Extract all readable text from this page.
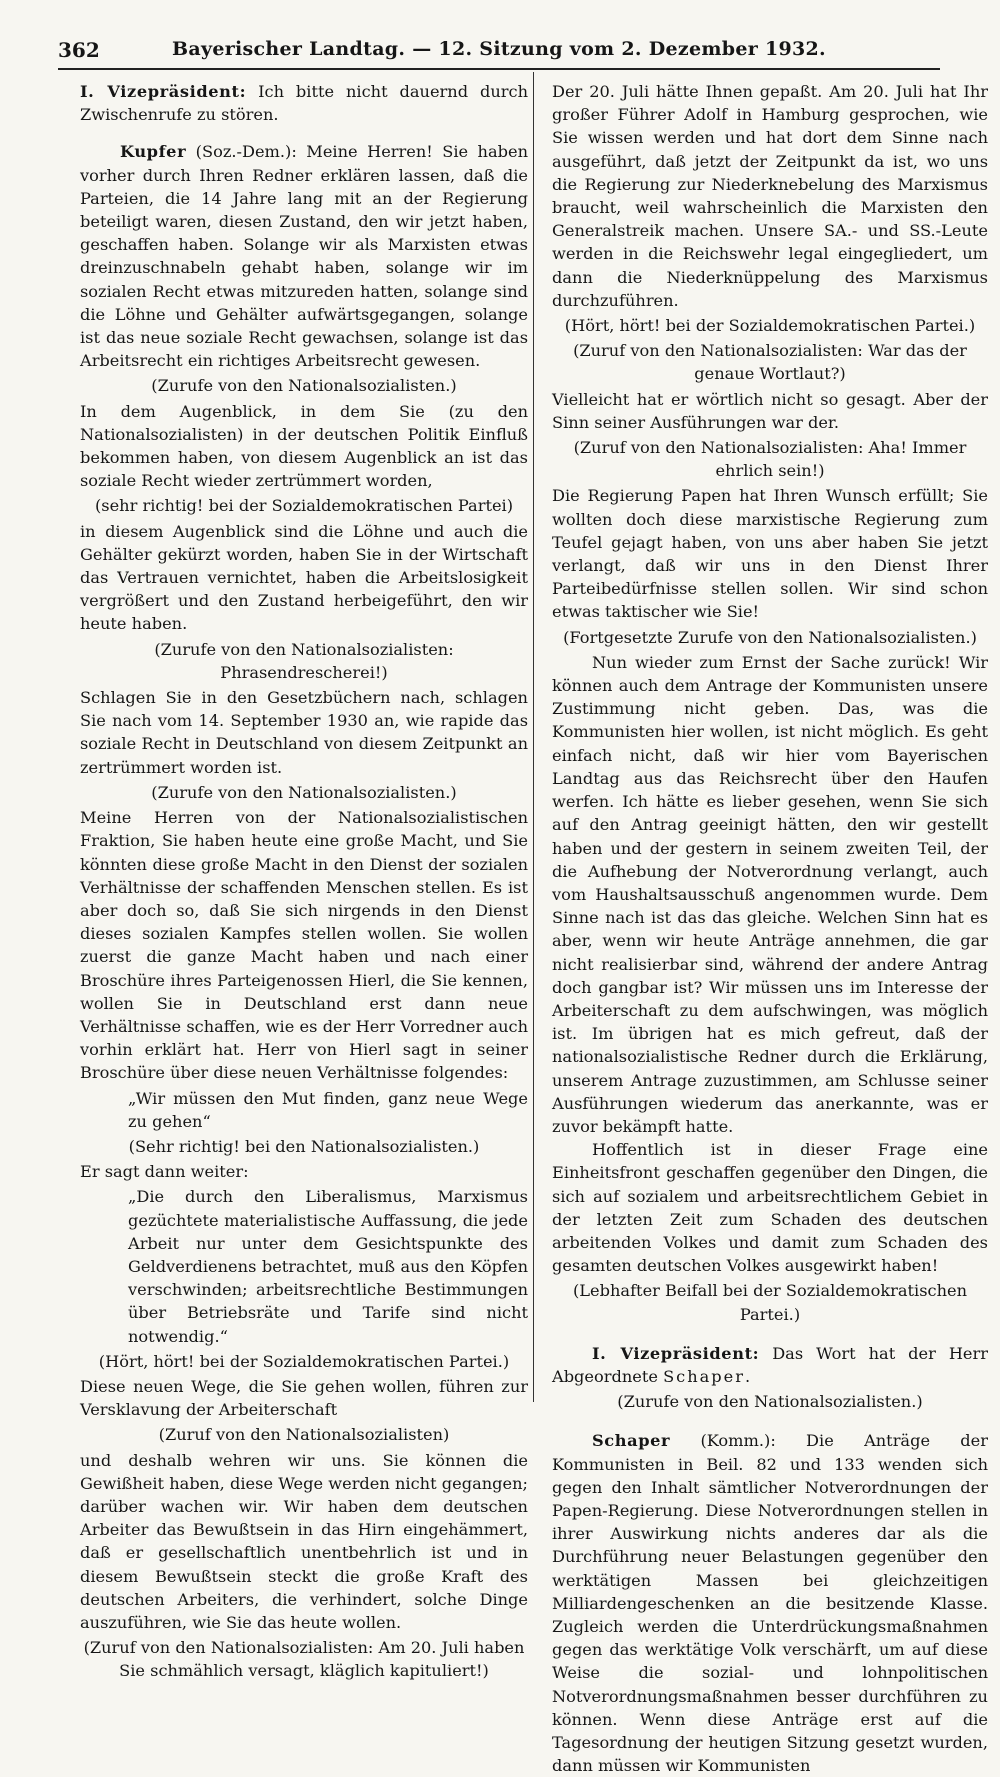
362	Bayerischer Landtag. — 12. Sitzung vom 2. Dezember 1932.

I. Vizepräsident: Ich bitte nicht dauernd durch Zwischenrufe zu stören.

Kupfer (Soz.-Dem.): Meine Herren! Sie haben vorher durch Ihren Redner erklären lassen, daß die Parteien, die 14 Jahre lang mit an der Regierung beteiligt waren, diesen Zustand, den wir jetzt haben, geschaffen haben. Solange wir als Marxisten etwas dreinzuschnabeln gehabt haben, solange wir im sozialen Recht etwas mitzureden hatten, solange sind die Löhne und Gehälter aufwärtsgegangen, solange ist das neue soziale Recht gewachsen, solange ist das Arbeitsrecht ein richtiges Arbeitsrecht gewesen.

(Zurufe von den Nationalsozialisten.)

In dem Augenblick, in dem Sie (zu den Nationalsozialisten) in der deutschen Politik Einfluß bekommen haben, von diesem Augenblick an ist das soziale Recht wieder zertrümmert worden,

(sehr richtig! bei der Sozialdemokratischen Partei)

in diesem Augenblick sind die Löhne und auch die Gehälter gekürzt worden, haben Sie in der Wirtschaft das Vertrauen vernichtet, haben die Arbeitslosigkeit vergrößert und den Zustand herbeigeführt, den wir heute haben.

(Zurufe von den Nationalsozialisten: Phrasendrescherei!)

Schlagen Sie in den Gesetzbüchern nach, schlagen Sie nach vom 14. September 1930 an, wie rapide das soziale Recht in Deutschland von diesem Zeitpunkt an zertrümmert worden ist.

(Zurufe von den Nationalsozialisten.)

Meine Herren von der Nationalsozialistischen Fraktion, Sie haben heute eine große Macht, und Sie könnten diese große Macht in den Dienst der sozialen Verhältnisse der schaffenden Menschen stellen. Es ist aber doch so, daß Sie sich nirgends in den Dienst dieses sozialen Kampfes stellen wollen. Sie wollen zuerst die ganze Macht haben und nach einer Broschüre ihres Parteigenossen Hierl, die Sie kennen, wollen Sie in Deutschland erst dann neue Verhältnisse schaffen, wie es der Herr Vorredner auch vorhin erklärt hat. Herr von Hierl sagt in seiner Broschüre über diese neuen Verhältnisse folgendes:

„Wir müssen den Mut finden, ganz neue Wege zu gehen“

(Sehr richtig! bei den Nationalsozialisten.)

Er sagt dann weiter:

„Die durch den Liberalismus, Marxismus gezüchtete materialistische Auffassung, die jede Arbeit nur unter dem Gesichtspunkte des Geldverdienens betrachtet, muß aus den Köpfen verschwinden; arbeitsrechtliche Bestimmungen über Betriebsräte und Tarife sind nicht notwendig.“

(Hört, hört! bei der Sozialdemokratischen Partei.)

Diese neuen Wege, die Sie gehen wollen, führen zur Versklavung der Arbeiterschaft

(Zuruf von den Nationalsozialisten)

und deshalb wehren wir uns. Sie können die Gewißheit haben, diese Wege werden nicht gegangen; darüber wachen wir. Wir haben dem deutschen Arbeiter das Bewußtsein in das Hirn eingehämmert, daß er gesellschaftlich unentbehrlich ist und in diesem Bewußtsein steckt die große Kraft des deutschen Arbeiters, die verhindert, solche Dinge auszuführen, wie Sie das heute wollen.

(Zuruf von den Nationalsozialisten: Am 20. Juli haben Sie schmählich versagt, kläglich kapituliert!)

Der 20. Juli hätte Ihnen gepaßt. Am 20. Juli hat Ihr großer Führer Adolf in Hamburg gesprochen, wie Sie wissen werden und hat dort dem Sinne nach ausgeführt, daß jetzt der Zeitpunkt da ist, wo uns die Regierung zur Niederknebelung des Marxismus braucht, weil wahrscheinlich die Marxisten den Generalstreik machen. Unsere SA.- und SS.-Leute werden in die Reichswehr legal eingegliedert, um dann die Niederknüppelung des Marxismus durchzuführen.

(Hört, hört! bei der Sozialdemokratischen Partei.)

(Zuruf von den Nationalsozialisten: War das der genaue Wortlaut?)

Vielleicht hat er wörtlich nicht so gesagt. Aber der Sinn seiner Ausführungen war der.

(Zuruf von den Nationalsozialisten: Aha! Immer ehrlich sein!)

Die Regierung Papen hat Ihren Wunsch erfüllt; Sie wollten doch diese marxistische Regierung zum Teufel gejagt haben, von uns aber haben Sie jetzt verlangt, daß wir uns in den Dienst Ihrer Parteibedürfnisse stellen sollen. Wir sind schon etwas taktischer wie Sie!

(Fortgesetzte Zurufe von den Nationalsozialisten.)

Nun wieder zum Ernst der Sache zurück! Wir können auch dem Antrage der Kommunisten unsere Zustimmung nicht geben. Das, was die Kommunisten hier wollen, ist nicht möglich. Es geht einfach nicht, daß wir hier vom Bayerischen Landtag aus das Reichsrecht über den Haufen werfen. Ich hätte es lieber gesehen, wenn Sie sich auf den Antrag geeinigt hätten, den wir gestellt haben und der gestern in seinem zweiten Teil, der die Aufhebung der Notverordnung verlangt, auch vom Haushaltsausschuß angenommen wurde. Dem Sinne nach ist das das gleiche. Welchen Sinn hat es aber, wenn wir heute Anträge annehmen, die gar nicht realisierbar sind, während der andere Antrag doch gangbar ist? Wir müssen uns im Interesse der Arbeiterschaft zu dem aufschwingen, was möglich ist. Im übrigen hat es mich gefreut, daß der nationalsozialistische Redner durch die Erklärung, unserem Antrage zuzustimmen, am Schlusse seiner Ausführungen wiederum das anerkannte, was er zuvor bekämpft hatte.

Hoffentlich ist in dieser Frage eine Einheitsfront geschaffen gegenüber den Dingen, die sich auf sozialem und arbeitsrechtlichem Gebiet in der letzten Zeit zum Schaden des deutschen arbeitenden Volkes und damit zum Schaden des gesamten deutschen Volkes ausgewirkt haben!

(Lebhafter Beifall bei der Sozialdemokratischen Partei.)

I. Vizepräsident: Das Wort hat der Herr Abgeordnete Schaper.

(Zurufe von den Nationalsozialisten.)

Schaper (Komm.): Die Anträge der Kommunisten in Beil. 82 und 133 wenden sich gegen den Inhalt sämtlicher Notverordnungen der Papen-Regierung. Diese Notverordnungen stellen in ihrer Auswirkung nichts anderes dar als die Durchführung neuer Belastungen gegenüber den werktätigen Massen bei gleichzeitigen Milliardengeschenken an die besitzende Klasse. Zugleich werden die Unterdrückungsmaßnahmen gegen das werktätige Volk verschärft, um auf diese Weise die sozial- und lohnpolitischen Notverordnungsmaßnahmen besser durchführen zu können. Wenn diese Anträge erst auf die Tagesordnung der heutigen Sitzung gesetzt wurden, dann müssen wir Kommunisten
